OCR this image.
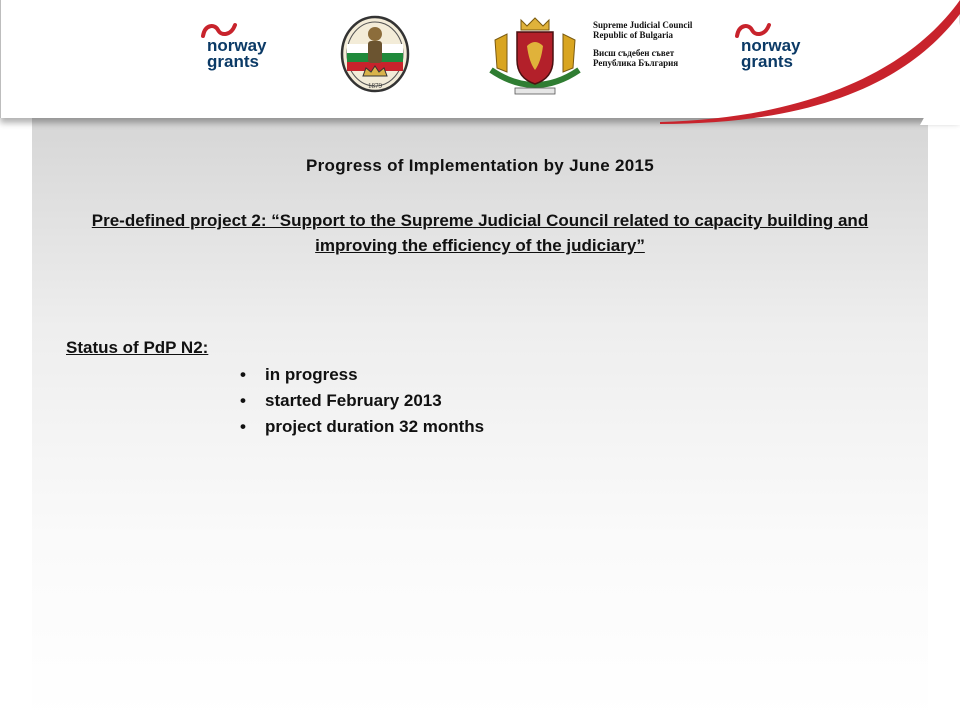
norway
grants
1879
Supreme Judicial Council
Republic of Bulgaria
Висш съдебен съвет
Република България
norway
grants
Progress of Implementation by June 2015
Pre-defined project 2: “Support to the Supreme Judicial Council related to capacity building and improving the efficiency of the judiciary”
Status of PdP N2:
• in progress
• started February 2013
• project duration 32 months
